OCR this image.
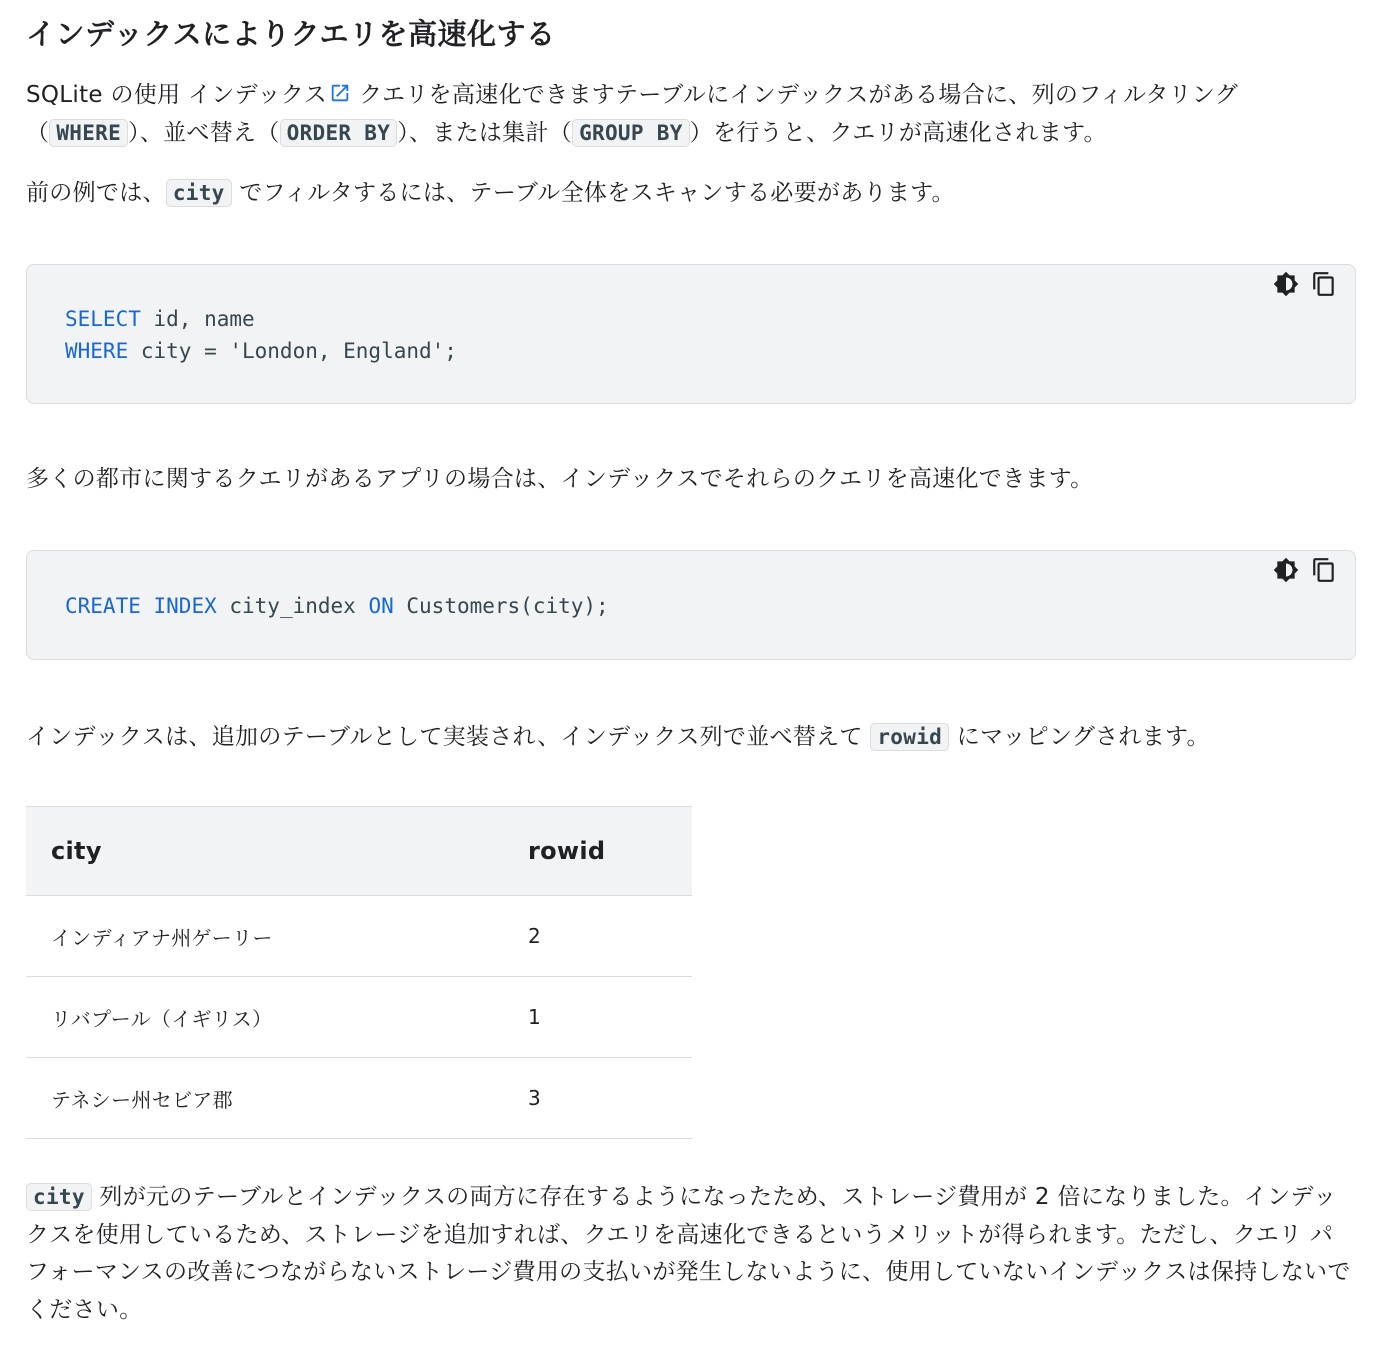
インデックスによりクエリを高速化する

SQLite の使用 インデックス クエリを高速化できますテーブルにインデックスがある場合に、列のフィルタリング（ WHERE ）、並べ替え（ ORDER BY ）、または集計（ GROUP BY ）を行うと、クエリが高速化されます。

前の例では、 city でフィルタするには、テーブル全体をスキャンする必要があります。

SELECT id, name
WHERE city = 'London, England';

多くの都市に関するクエリがあるアプリの場合は、インデックスでそれらのクエリを高速化できます。

CREATE INDEX city_index ON Customers(city);

インデックスは、追加のテーブルとして実装され、インデックス列で並べ替えて rowid にマッピングされます。

city	rowid
インディアナ州ゲーリー	2
リバプール（イギリス）	1
テネシー州セビア郡	3

city 列が元のテーブルとインデックスの両方に存在するようになったため、ストレージ費用が 2 倍になりました。インデックスを使用しているため、ストレージを追加すれば、クエリを高速化できるというメリットが得られます。ただし、クエリ パフォーマンスの改善につながらないストレージ費用の支払いが発生しないように、使用していないインデックスは保持しないでください。
